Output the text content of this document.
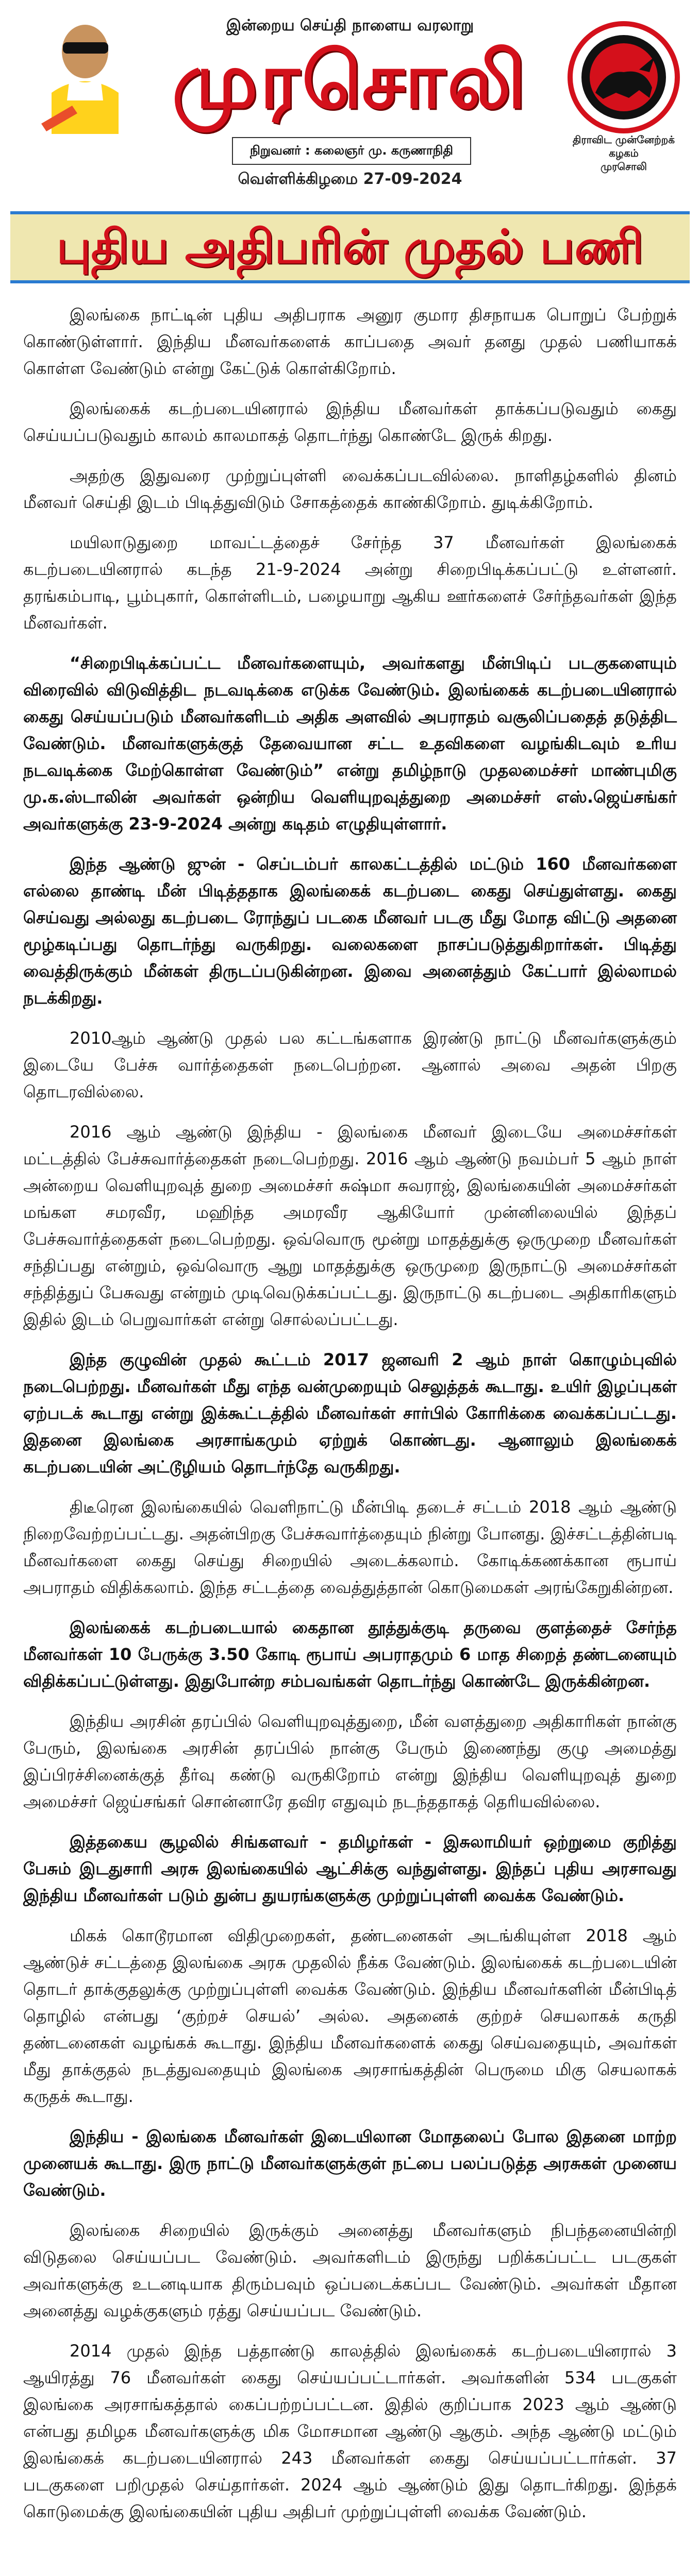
இன்றைய செய்தி நாளைய வரலாறு
முரசொலி
நிறுவனர் : கலைஞர் மு. கருணாநிதி
திராவிட முன்னேற்றக் கழகம்
முரசொலி
வெள்ளிக்கிழமை 27-09-2024
புதிய அதிபரின் முதல் பணி

இலங்கை நாட்டின் புதிய அதிபராக அனுர குமார திசநாயக பொறுப் பேற்றுக் கொண்டுள்ளார். இந்திய மீனவர்களைக் காப்பதை அவர் தனது முதல் பணியாகக் கொள்ள வேண்டும் என்று கேட்டுக் கொள்கிறோம்.

இலங்கைக் கடற்படையினரால் இந்திய மீனவர்கள் தாக்கப்படுவதும் கைது செய்யப்படுவதும் காலம் காலமாகத் தொடர்ந்து கொண்டே இருக் கிறது.

அதற்கு இதுவரை முற்றுப்புள்ளி வைக்கப்படவில்லை. நாளிதழ்களில் தினம் மீனவர் செய்தி இடம் பிடித்துவிடும் சோகத்தைக் காண்கிறோம். துடிக்கிறோம்.

மயிலாடுதுறை மாவட்டத்தைச் சேர்ந்த 37 மீனவர்கள் இலங்கைக் கடற்படையினரால் கடந்த 21-9-2024 அன்று சிறைபிடிக்கப்பட்டு உள்ளனர். தரங்கம்பாடி, பூம்புகார், கொள்ளிடம், பழையாறு ஆகிய ஊர்களைச் சேர்ந்தவர்கள் இந்த மீனவர்கள்.

“சிறைபிடிக்கப்பட்ட மீனவர்களையும், அவர்களது மீன்பிடிப் படகுகளையும் விரைவில் விடுவித்திட நடவடிக்கை எடுக்க வேண்டும். இலங்கைக் கடற்படையினரால் கைது செய்யப்படும் மீனவர்களிடம் அதிக அளவில் அபராதம் வசூலிப்பதைத் தடுத்திட வேண்டும். மீனவர்களுக்குத் தேவையான சட்ட உதவிகளை வழங்கிடவும் உரிய நடவடிக்கை மேற்கொள்ள வேண்டும்” என்று தமிழ்நாடு முதலமைச்சர் மாண்புமிகு மு.க.ஸ்டாலின் அவர்கள் ஒன்றிய வெளியுறவுத்துறை அமைச்சர் எஸ்.ஜெய்சங்கர் அவர்களுக்கு 23-9-2024 அன்று கடிதம் எழுதியுள்ளார்.

இந்த ஆண்டு ஜுன் - செப்டம்பர் காலகட்டத்தில் மட்டும் 160 மீனவர்களை எல்லை தாண்டி மீன் பிடித்ததாக இலங்கைக் கடற்படை கைது செய்துள்ளது. கைது செய்வது அல்லது கடற்படை ரோந்துப் படகை மீனவர் படகு மீது மோத விட்டு அதனை மூழ்கடிப்பது தொடர்ந்து வருகிறது. வலைகளை நாசப்படுத்துகிறார்கள். பிடித்து வைத்திருக்கும் மீன்கள் திருடப்படுகின்றன. இவை அனைத்தும் கேட்பார் இல்லாமல் நடக்கிறது.

2010ஆம் ஆண்டு முதல் பல கட்டங்களாக இரண்டு நாட்டு மீனவர்களுக்கும் இடையே பேச்சு வார்த்தைகள் நடைபெற்றன. ஆனால் அவை அதன் பிறகு தொடரவில்லை.

2016 ஆம் ஆண்டு இந்திய - இலங்கை மீனவர் இடையே அமைச்சர்கள் மட்டத்தில் பேச்சுவார்த்தைகள் நடைபெற்றது. 2016 ஆம் ஆண்டு நவம்பர் 5 ஆம் நாள் அன்றைய வெளியுறவுத் துறை அமைச்சர் சுஷ்மா சுவராஜ், இலங்கையின் அமைச்சர்கள் மங்கள சமரவீர, மஹிந்த அமரவீர ஆகியோர் முன்னிலையில் இந்தப் பேச்சுவார்த்தைகள் நடைபெற்றது. ஒவ்வொரு மூன்று மாதத்துக்கு ஒருமுறை மீனவர்கள் சந்திப்பது என்றும், ஒவ்வொரு ஆறு மாதத்துக்கு ஒருமுறை இருநாட்டு அமைச்சர்கள் சந்தித்துப் பேசுவது என்றும் முடிவெடுக்கப்பட்டது. இருநாட்டு கடற்படை அதிகாரிகளும் இதில் இடம் பெறுவார்கள் என்று சொல்லப்பட்டது.

இந்த குழுவின் முதல் கூட்டம் 2017 ஜனவரி 2 ஆம் நாள் கொழும்புவில் நடைபெற்றது. மீனவர்கள் மீது எந்த வன்முறையும் செலுத்தக் கூடாது. உயிர் இழப்புகள் ஏற்படக் கூடாது என்று இக்கூட்டத்தில் மீனவர்கள் சார்பில் கோரிக்கை வைக்கப்பட்டது. இதனை இலங்கை அரசாங்கமும் ஏற்றுக் கொண்டது. ஆனாலும் இலங்கைக் கடற்படையின் அட்டூழியம் தொடர்ந்தே வருகிறது.

திடீரென இலங்கையில் வெளிநாட்டு மீன்பிடி தடைச் சட்டம் 2018 ஆம் ஆண்டு நிறைவேற்றப்பட்டது. அதன்பிறகு பேச்சுவார்த்தையும் நின்று போனது. இச்சட்டத்தின்படி மீனவர்களை கைது செய்து சிறையில் அடைக்கலாம். கோடிக்கணக்கான ரூபாய் அபராதம் விதிக்கலாம். இந்த சட்டத்தை வைத்துத்தான் கொடுமைகள் அரங்கேறுகின்றன.

இலங்கைக் கடற்படையால் கைதான தூத்துக்குடி தருவை குளத்தைச் சேர்ந்த மீனவர்கள் 10 பேருக்கு 3.50 கோடி ரூபாய் அபராதமும் 6 மாத சிறைத் தண்டனையும் விதிக்கப்பட்டுள்ளது. இதுபோன்ற சம்பவங்கள் தொடர்ந்து கொண்டே இருக்கின்றன.

இந்திய அரசின் தரப்பில் வெளியுறவுத்துறை, மீன் வளத்துறை அதிகாரிகள் நான்கு பேரும், இலங்கை அரசின் தரப்பில் நான்கு பேரும் இணைந்து குழு அமைத்து இப்பிரச்சினைக்குத் தீர்வு கண்டு வருகிறோம் என்று இந்திய வெளியுறவுத் துறை அமைச்சர் ஜெய்சங்கர் சொன்னாரே தவிர எதுவும் நடந்ததாகத் தெரியவில்லை.

இத்தகைய சூழலில் சிங்களவர் - தமிழர்கள் - இசுலாமியர் ஒற்றுமை குறித்து பேசும் இடதுசாரி அரசு இலங்கையில் ஆட்சிக்கு வந்துள்ளது. இந்தப் புதிய அரசாவது இந்திய மீனவர்கள் படும் துன்ப துயரங்களுக்கு முற்றுப்புள்ளி வைக்க வேண்டும்.

மிகக் கொடூரமான விதிமுறைகள், தண்டனைகள் அடங்கியுள்ள 2018 ஆம் ஆண்டுச் சட்டத்தை இலங்கை அரசு முதலில் நீக்க வேண்டும். இலங்கைக் கடற்படையின் தொடர் தாக்குதலுக்கு முற்றுப்புள்ளி வைக்க வேண்டும். இந்திய மீனவர்களின் மீன்பிடித் தொழில் என்பது ‘குற்றச் செயல்’ அல்ல. அதனைக் குற்றச் செயலாகக் கருதி தண்டனைகள் வழங்கக் கூடாது. இந்திய மீனவர்களைக் கைது செய்வதையும், அவர்கள் மீது தாக்குதல் நடத்துவதையும் இலங்கை அரசாங்கத்தின் பெருமை மிகு செயலாகக் கருதக் கூடாது.

இந்திய - இலங்கை மீனவர்கள் இடையிலான மோதலைப் போல இதனை மாற்ற முனையக் கூடாது. இரு நாட்டு மீனவர்களுக்குள் நட்பை பலப்படுத்த அரசுகள் முனைய வேண்டும்.

இலங்கை சிறையில் இருக்கும் அனைத்து மீனவர்களும் நிபந்தனையின்றி விடுதலை செய்யப்பட வேண்டும். அவர்களிடம் இருந்து பறிக்கப்பட்ட படகுகள் அவர்களுக்கு உடனடியாக திரும்பவும் ஒப்படைக்கப்பட வேண்டும். அவர்கள் மீதான அனைத்து வழக்குகளும் ரத்து செய்யப்பட வேண்டும்.

2014 முதல் இந்த பத்தாண்டு காலத்தில் இலங்கைக் கடற்படையினரால் 3 ஆயிரத்து 76 மீனவர்கள் கைது செய்யப்பட்டார்கள். அவர்களின் 534 படகுகள் இலங்கை அரசாங்கத்தால் கைப்பற்றப்பட்டன. இதில் குறிப்பாக 2023 ஆம் ஆண்டு என்பது தமிழக மீனவர்களுக்கு மிக மோசமான ஆண்டு ஆகும். அந்த ஆண்டு மட்டும் இலங்கைக் கடற்படையினரால் 243 மீனவர்கள் கைது செய்யப்பட்டார்கள். 37 படகுகளை பறிமுதல் செய்தார்கள். 2024 ஆம் ஆண்டும் இது தொடர்கிறது. இந்தக் கொடுமைக்கு இலங்கையின் புதிய அதிபர் முற்றுப்புள்ளி வைக்க வேண்டும்.
